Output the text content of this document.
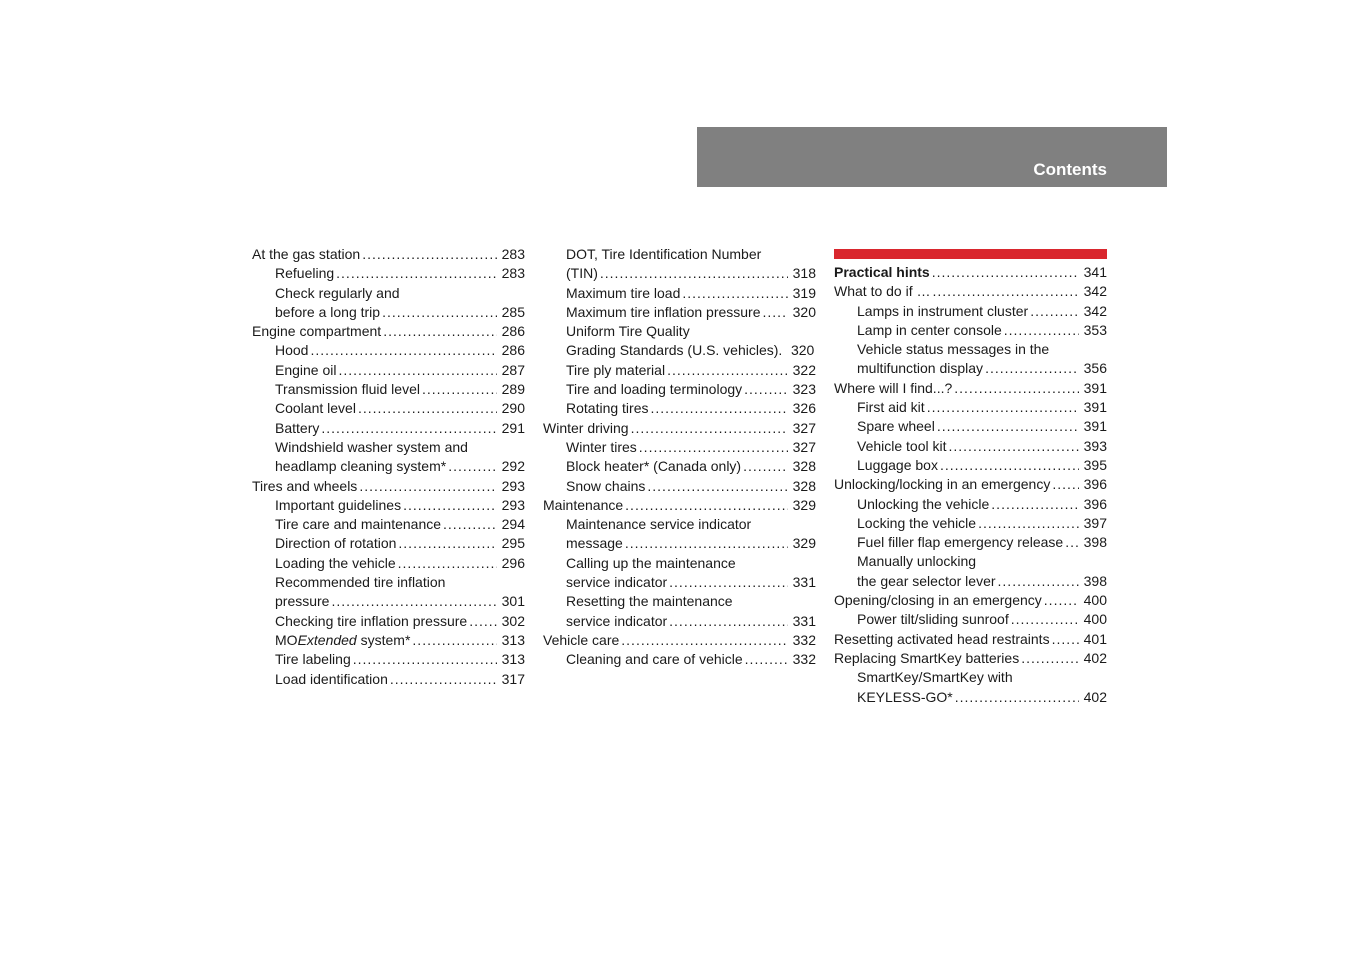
Contents
At the gas station .....	283
Refueling .....	283
Check regularly and
before a long trip .....	285
Engine compartment .....	286
Hood .....	286
Engine oil .....	287
Transmission fluid level .....	289
Coolant level .....	290
Battery .....	291
Windshield washer system and
headlamp cleaning system* .....	292
Tires and wheels .....	293
Important guidelines .....	293
Tire care and maintenance .....	294
Direction of rotation .....	295
Loading the vehicle .....	296
Recommended tire inflation
pressure .....	301
Checking tire inflation pressure ..... 302
MOExtended system* .....	313
Tire labeling .....	313
Load identification .....	317
DOT, Tire Identification Number
(TIN) .....	318
Maximum tire load .....	319
Maximum tire inflation pressure ..... 320
Uniform Tire Quality
Grading Standards (U.S. vehicles). 320
Tire ply material .....	322
Tire and loading terminology .....	323
Rotating tires .....	326
Winter driving .....	327
Winter tires .....	327
Block heater* (Canada only) .....	328
Snow chains .....	328
Maintenance .....	329
Maintenance service indicator
message .....	329
Calling up the maintenance
service indicator .....	331
Resetting the maintenance
service indicator .....	331
Vehicle care .....	332
Cleaning and care of vehicle .....	332
Practical hints .....	341
What to do if … .....	342
Lamps in instrument cluster .....	342
Lamp in center console .....	353
Vehicle status messages in the
multifunction display .....	356
Where will I find...? .....	391
First aid kit .....	391
Spare wheel .....	391
Vehicle tool kit .....	393
Luggage box .....	395
Unlocking/locking in an emergency ..... 396
Unlocking the vehicle .....	396
Locking the vehicle .....	397
Fuel filler flap emergency release ..... 398
Manually unlocking
the gear selector lever .....	398
Opening/closing in an emergency .....	400
Power tilt/sliding sunroof .....	400
Resetting activated head restraints ..... 401
Replacing SmartKey batteries .....	402
SmartKey/SmartKey with
KEYLESS-GO* .....	402
